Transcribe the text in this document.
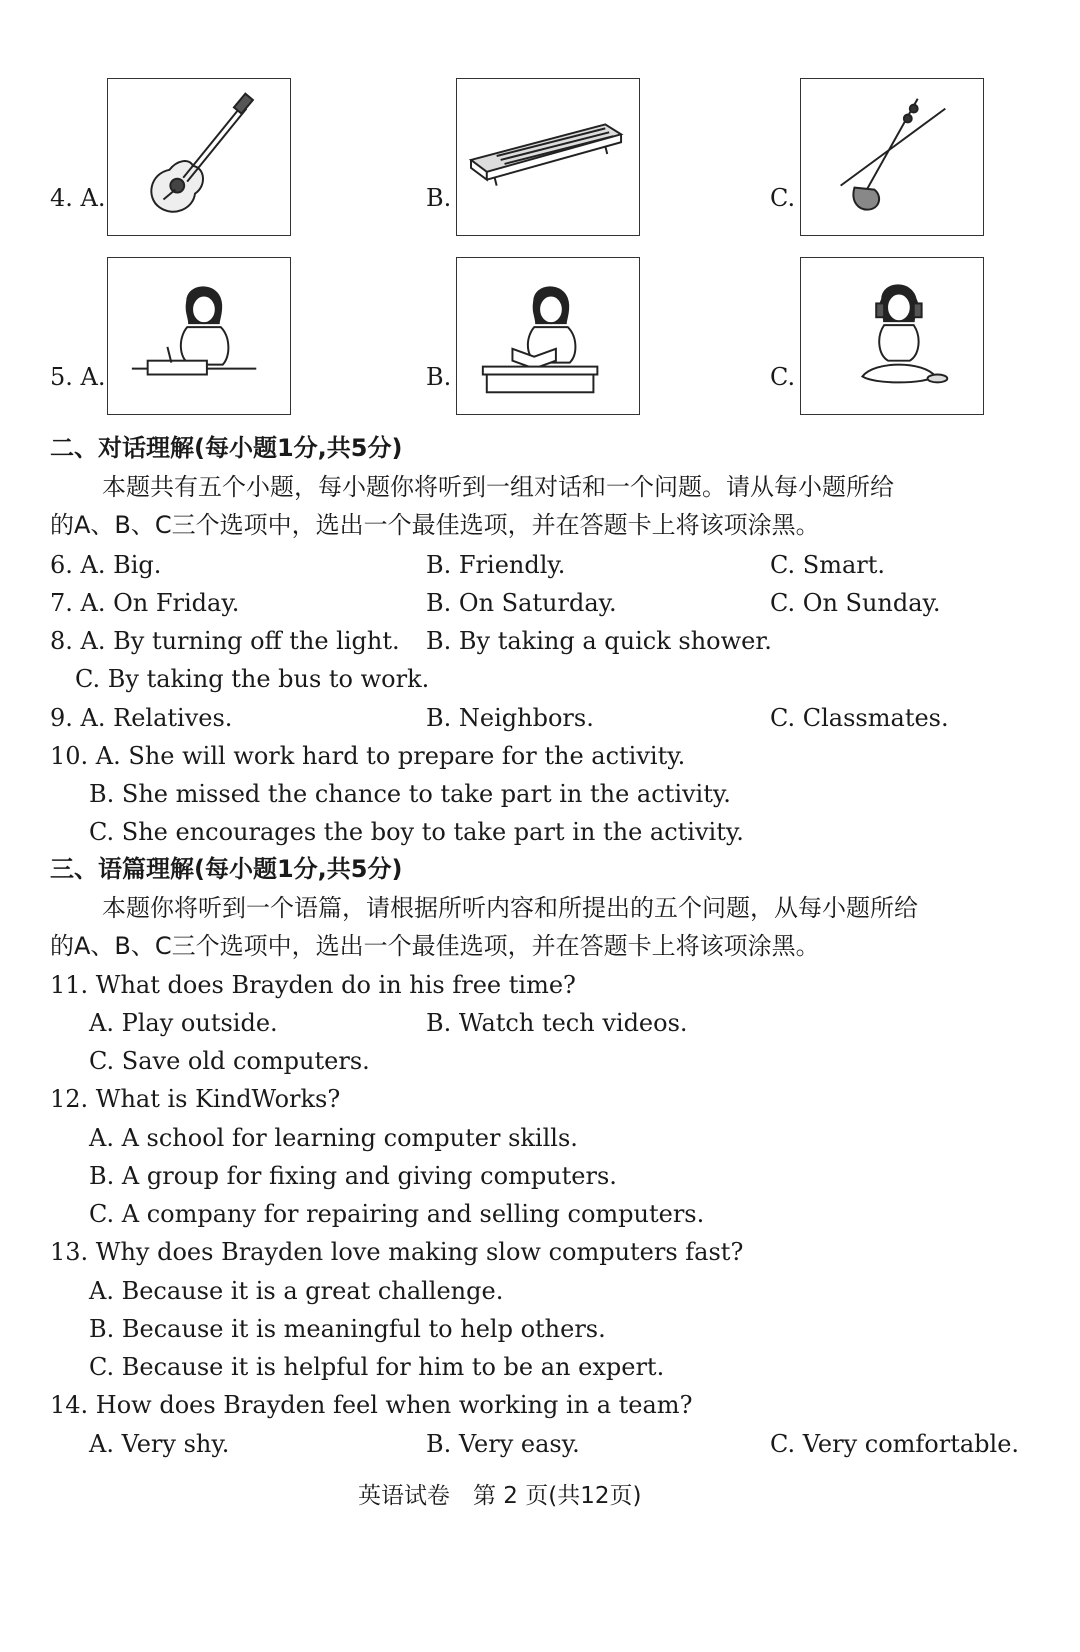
4. A.	B.	C.
5. A.	B.	C.
二、对话理解(每小题1分,共5分)
本题共有五个小题，每小题你将听到一组对话和一个问题。请从每小题所给
的A、B、C三个选项中，选出一个最佳选项，并在答题卡上将该项涂黑。
6. A. Big.	B. Friendly.	C. Smart.
7. A. On Friday.	B. On Saturday.	C. On Sunday.
8. A. By turning off the light. B. By taking a quick shower.
C. By taking the bus to work.
9. A. Relatives.	B. Neighbors.	C. Classmates.
10. A. She will work hard to prepare for the activity.
B. She missed the chance to take part in the activity.
C. She encourages the boy to take part in the activity.
三、语篇理解(每小题1分,共5分)
本题你将听到一个语篇，请根据所听内容和所提出的五个问题，从每小题所给
的A、B、C三个选项中，选出一个最佳选项，并在答题卡上将该项涂黑。
11. What does Brayden do in his free time?
A. Play outside.	B. Watch tech videos.
C. Save old computers.
12. What is KindWorks?
A. A school for learning computer skills.
B. A group for fixing and giving computers.
C. A company for repairing and selling computers.
13. Why does Brayden love making slow computers fast?
A. Because it is a great challenge.
B. Because it is meaningful to help others.
C. Because it is helpful for him to be an expert.
14. How does Brayden feel when working in a team?
A. Very shy.	B. Very easy.	C. Very comfortable.
英语试卷　第 2 页(共12页)
